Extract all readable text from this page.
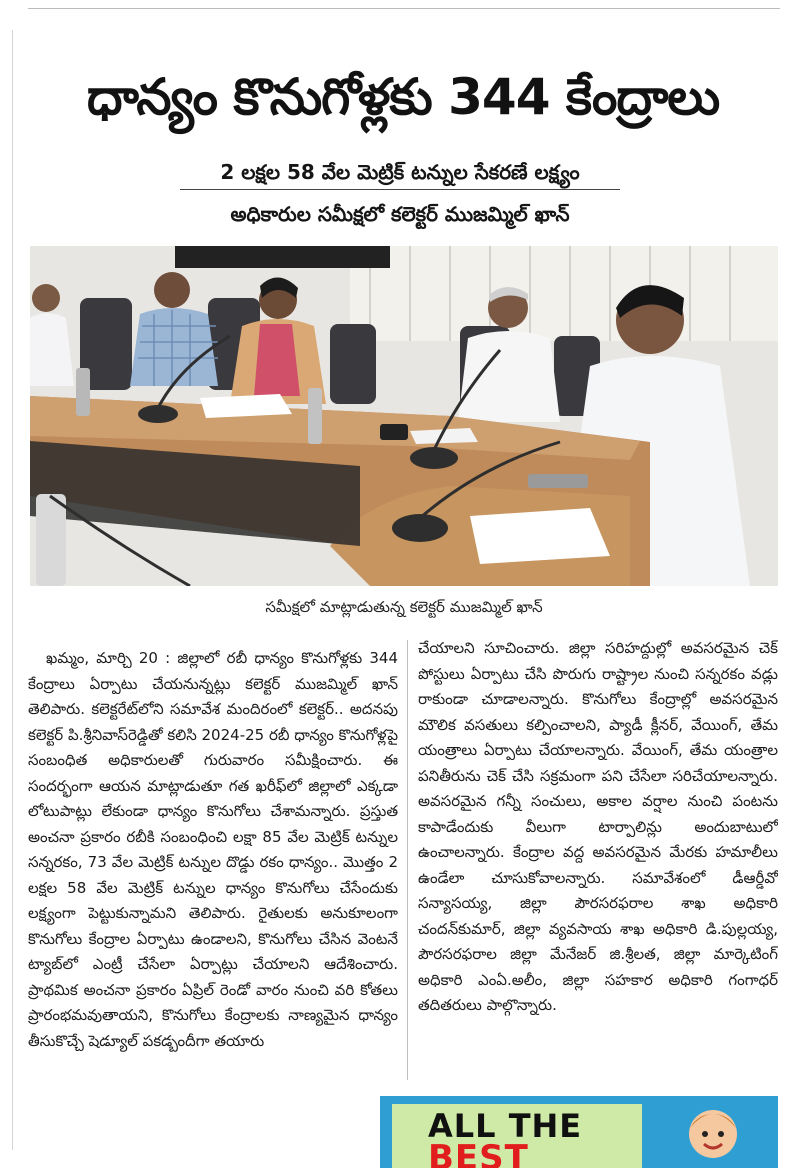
ధాన్యం కొనుగోళ్లకు 344 కేంద్రాలు
2 లక్షల 58 వేల మెట్రిక్ టన్నుల సేకరణే లక్ష్యం
అధికారుల సమీక్షలో కలెక్టర్ ముజమ్మిల్ ఖాన్
సమీక్షలో మాట్లాడుతున్న కలెక్టర్ ముజమ్మిల్ ఖాన్

ఖమ్మం, మార్చి 20 : జిల్లాలో రబీ ధాన్యం కొనుగోళ్లకు 344 కేంద్రాలు ఏర్పాటు చేయనున్నట్లు కలెక్టర్ ముజమ్మిల్ ఖాన్ తెలిపారు. కలెక్టరేట్‌లోని సమావేశ మందిరంలో కలెక్టర్.. అదనపు కలెక్టర్ పి.శ్రీనివాస్‌రెడ్డితో కలిసి 2024-25 రబీ ధాన్యం కొనుగోళ్లపై సంబంధిత అధికారులతో గురువారం సమీక్షించారు. ఈ సందర్భంగా ఆయన మాట్లాడుతూ గత ఖరీఫ్‌లో జిల్లాలో ఎక్కడా లోటుపాట్లు లేకుండా ధాన్యం కొనుగోలు చేశామన్నారు. ప్రస్తుత అంచనా ప్రకారం రబీకి సంబంధించి లక్షా 85 వేల మెట్రిక్ టన్నుల సన్నరకం, 73 వేల మెట్రిక్ టన్నుల దొడ్డు రకం ధాన్యం.. మొత్తం 2 లక్షల 58 వేల మెట్రిక్ టన్నుల ధాన్యం కొనుగోలు చేసేందుకు లక్ష్యంగా పెట్టుకున్నామని తెలిపారు. రైతులకు అనుకూలంగా కొనుగోలు కేంద్రాల ఏర్పాటు ఉండాలని, కొనుగోలు చేసిన వెంటనే ట్యాబ్‌లో ఎంట్రీ చేసేలా ఏర్పాట్లు చేయాలని ఆదేశించారు. ప్రాథమిక అంచనా ప్రకారం ఏప్రిల్ రెండో వారం నుంచి వరి కోతలు ప్రారంభమవుతాయని, కొనుగోలు కేంద్రాలకు నాణ్యమైన ధాన్యం తీసుకొచ్చే షెడ్యూల్ పకడ్బందీగా తయారు

చేయాలని సూచించారు. జిల్లా సరిహద్దుల్లో అవసరమైన చెక్ పోస్టులు ఏర్పాటు చేసి పొరుగు రాష్ట్రాల నుంచి సన్నరకం వడ్లు రాకుండా చూడాలన్నారు. కొనుగోలు కేంద్రాల్లో అవసరమైన మౌలిక వసతులు కల్పించాలని, ప్యాడీ క్లీనర్, వేయింగ్, తేమ యంత్రాలు ఏర్పాటు చేయాలన్నారు. వేయింగ్, తేమ యంత్రాల పనితీరును చెక్ చేసి సక్రమంగా పని చేసేలా సరిచేయాలన్నారు. అవసరమైన గన్నీ సంచులు, అకాల వర్షాల నుంచి పంటను కాపాడేందుకు వీలుగా టార్పాలిన్లు అందుబాటులో ఉంచాలన్నారు. కేంద్రాల వద్ద అవసరమైన మేరకు హమాలీలు ఉండేలా చూసుకోవాలన్నారు. సమావేశంలో డీఆర్డీవో సన్యాసయ్య, జిల్లా పౌరసరఫరాల శాఖ అధికారి చందన్‌కుమార్, జిల్లా వ్యవసాయ శాఖ అధికారి డి.పుల్లయ్య, పౌరసరఫరాల జిల్లా మేనేజర్ జి.శ్రీలత, జిల్లా మార్కెటింగ్ అధికారి ఎంఏ.అలీం, జిల్లా సహకార అధికారి గంగాధర్ తదితరులు పాల్గొన్నారు.

ALL THE
BEST
